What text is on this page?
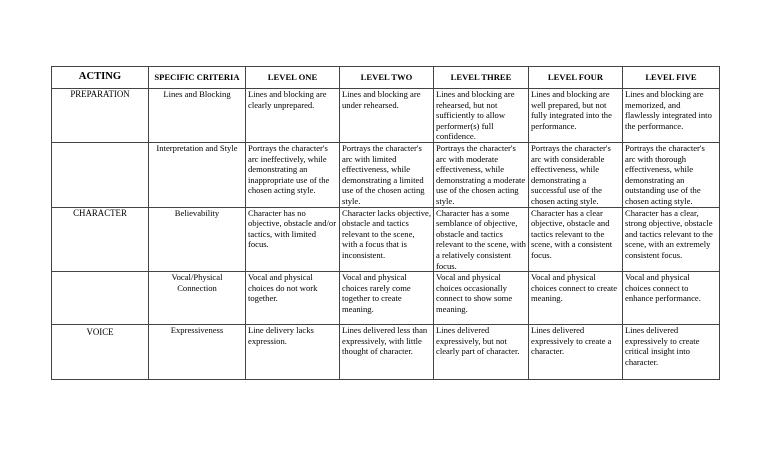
ACTING	SPECIFIC CRITERIA	LEVEL ONE	LEVEL TWO	LEVEL THREE	LEVEL FOUR	LEVEL FIVE
PREPARATION	Lines and Blocking	Lines and blocking are clearly unprepared.	Lines and blocking are under rehearsed.	Lines and blocking are rehearsed, but not sufficiently to allow performer(s) full confidence.	Lines and blocking are well prepared, but not fully integrated into the performance.	Lines and blocking are memorized, and flawlessly integrated into the performance.
	Interpretation and Style	Portrays the character's arc ineffectively, while demonstrating an inappropriate use of the chosen acting style.	Portrays the character's arc with limited effectiveness, while demonstrating a limited use of the chosen acting style.	Portrays the character's arc with moderate effectiveness, while demonstrating a moderate use of the chosen acting style.	Portrays the character's arc with considerable effectiveness, while demonstrating a successful use of the chosen acting style.	Portrays the character's arc with thorough effectiveness, while demonstrating an outstanding use of the chosen acting style.
CHARACTER	Believability	Character has no objective, obstacle and/or tactics, with limited focus.	Character lacks objective, obstacle and tactics relevant to the scene, with a focus that is inconsistent.	Character has a some semblance of objective, obstacle and tactics relevant to the scene, with a relatively consistent focus.	Character has a clear objective, obstacle and tactics relevant to the scene, with a consistent focus.	Character has a clear, strong objective, obstacle and tactics relevant to the scene, with an extremely consistent focus.
	Vocal/Physical Connection	Vocal and physical choices do not work together.	Vocal and physical choices rarely come together to create meaning.	Vocal and physical choices occasionally connect to show some meaning.	Vocal and physical choices connect to create meaning.	Vocal and physical choices connect to enhance performance.
VOICE	Expressiveness	Line delivery lacks expression.	Lines delivered less than expressively, with little thought of character.	Lines delivered expressively, but not clearly part of character.	Lines delivered expressively to create a character.	Lines delivered expressively to create critical insight into character.
